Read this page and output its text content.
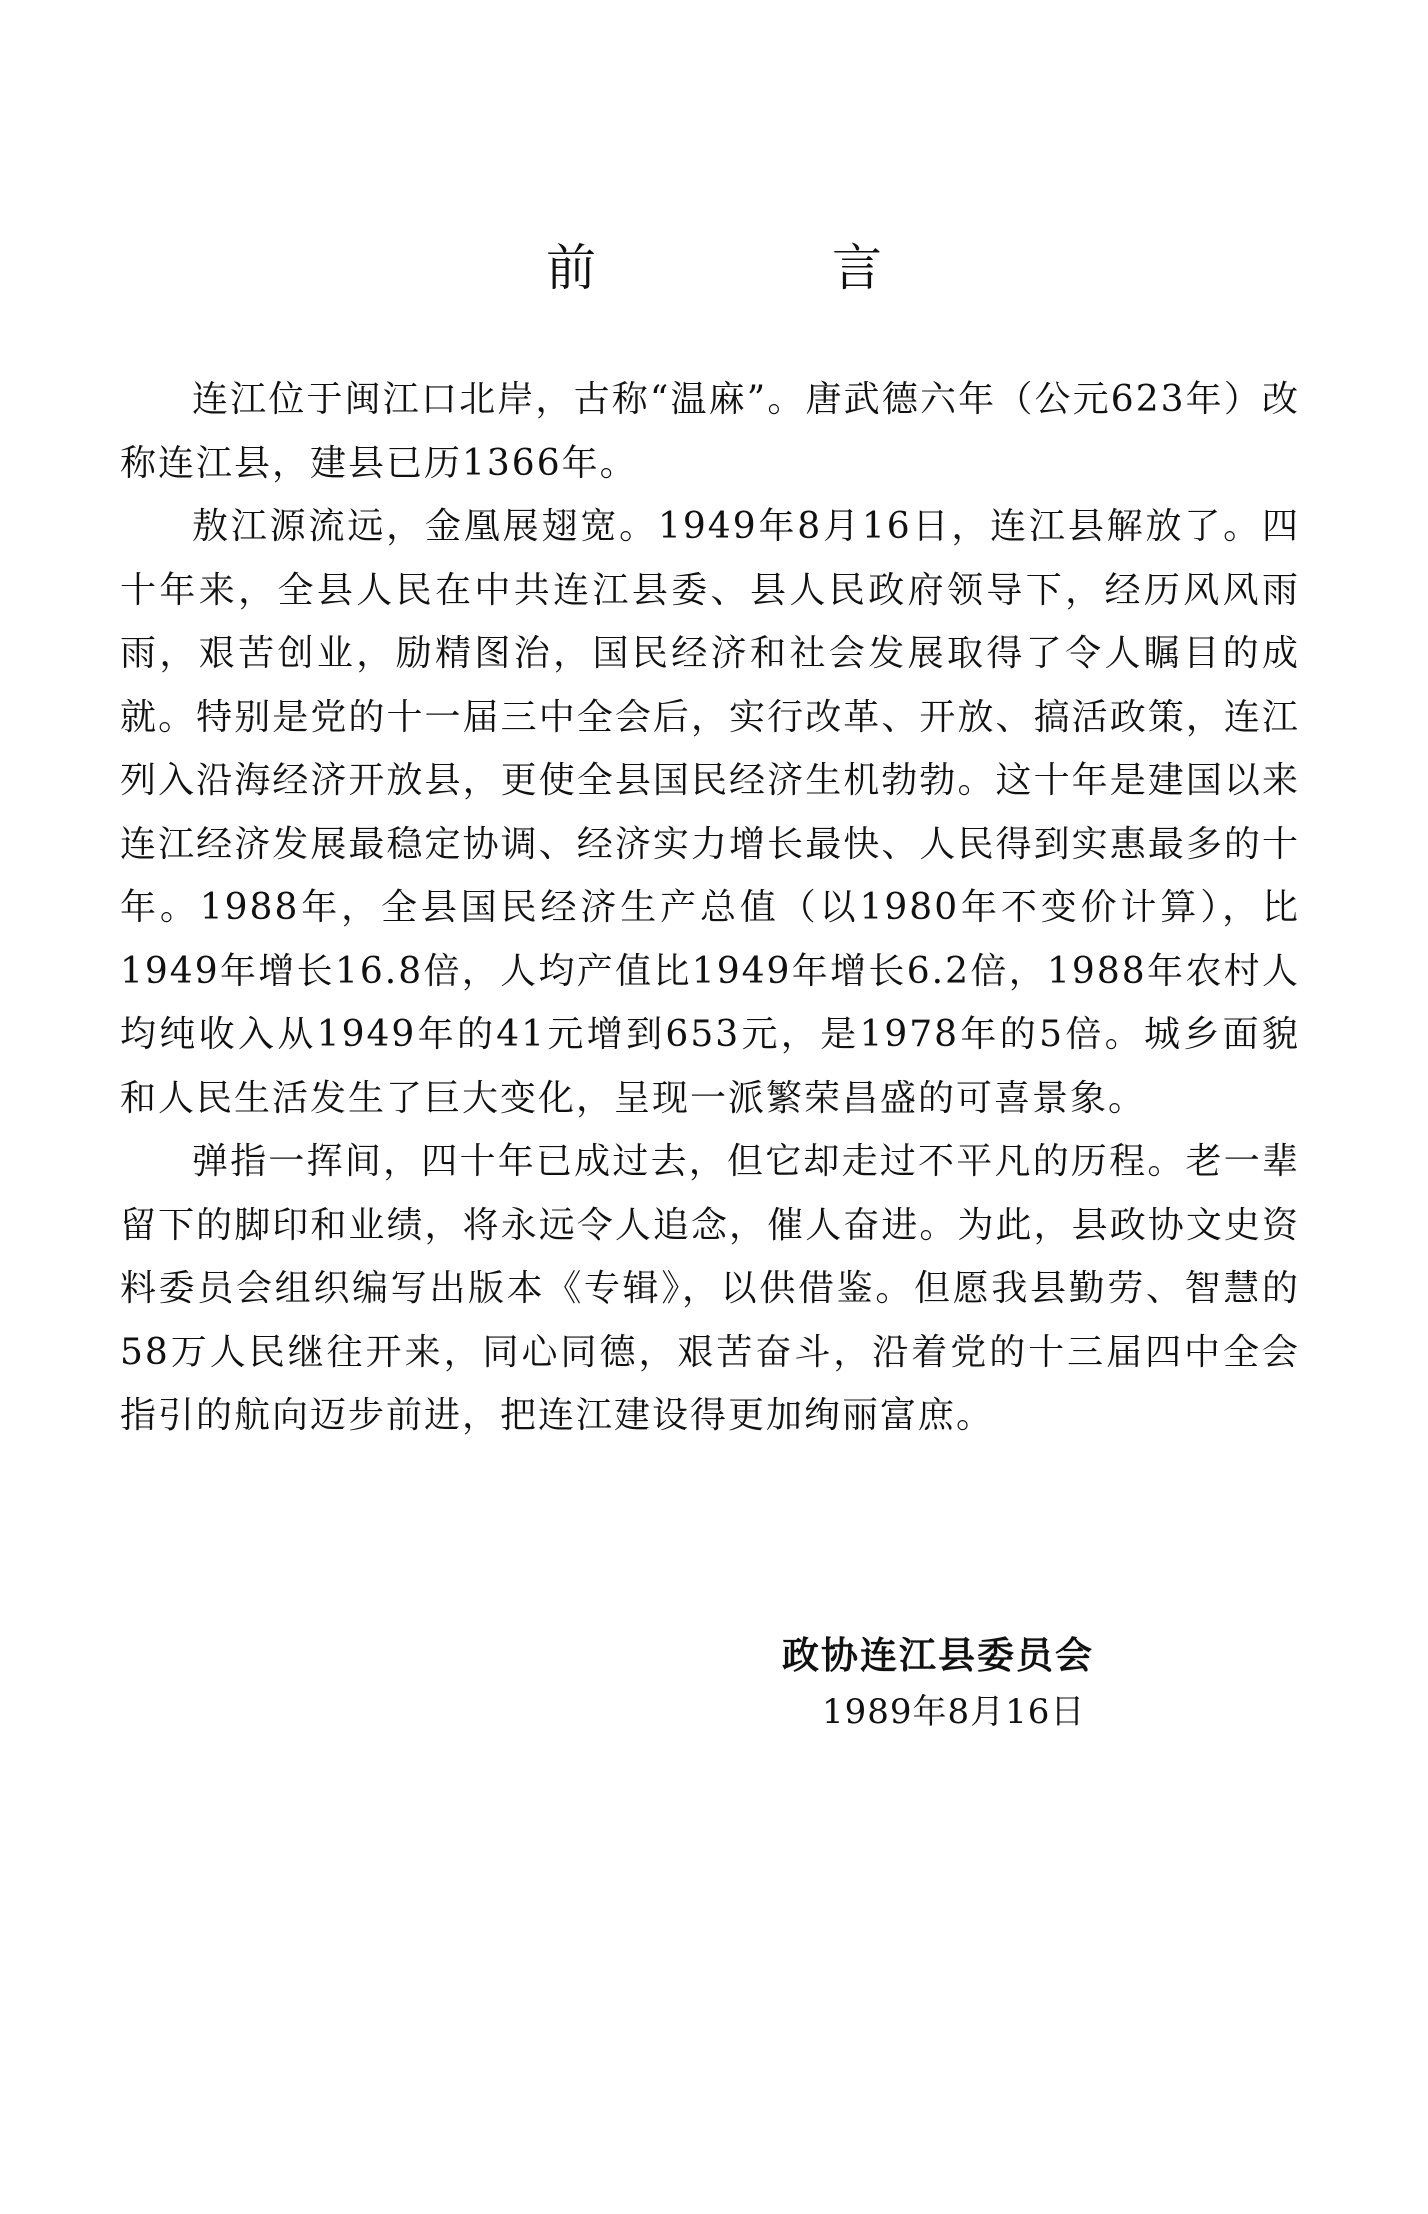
前 言

连江位于闽江口北岸，古称“温麻”。唐武德六年（公元623年）改称连江县，建县已历1366年。

敖江源流远，金凰展翅宽。1949年8月16日，连江县解放了。四十年来，全县人民在中共连江县委、县人民政府领导下，经历风风雨雨，艰苦创业，励精图治，国民经济和社会发展取得了令人瞩目的成就。特别是党的十一届三中全会后，实行改革、开放、搞活政策，连江列入沿海经济开放县，更使全县国民经济生机勃勃。这十年是建国以来连江经济发展最稳定协调、经济实力增长最快、人民得到实惠最多的十年。1988年，全县国民经济生产总值（以1980年不变价计算），比1949年增长16.8倍，人均产值比1949年增长6.2倍，1988年农村人均纯收入从1949年的41元增到653元，是1978年的5倍。城乡面貌和人民生活发生了巨大变化，呈现一派繁荣昌盛的可喜景象。

弹指一挥间，四十年已成过去，但它却走过不平凡的历程。老一辈留下的脚印和业绩，将永远令人追念，催人奋进。为此，县政协文史资料委员会组织编写出版本《专辑》，以供借鉴。但愿我县勤劳、智慧的58万人民继往开来，同心同德，艰苦奋斗，沿着党的十三届四中全会指引的航向迈步前进，把连江建设得更加绚丽富庶。

政协连江县委员会

1989年8月16日
